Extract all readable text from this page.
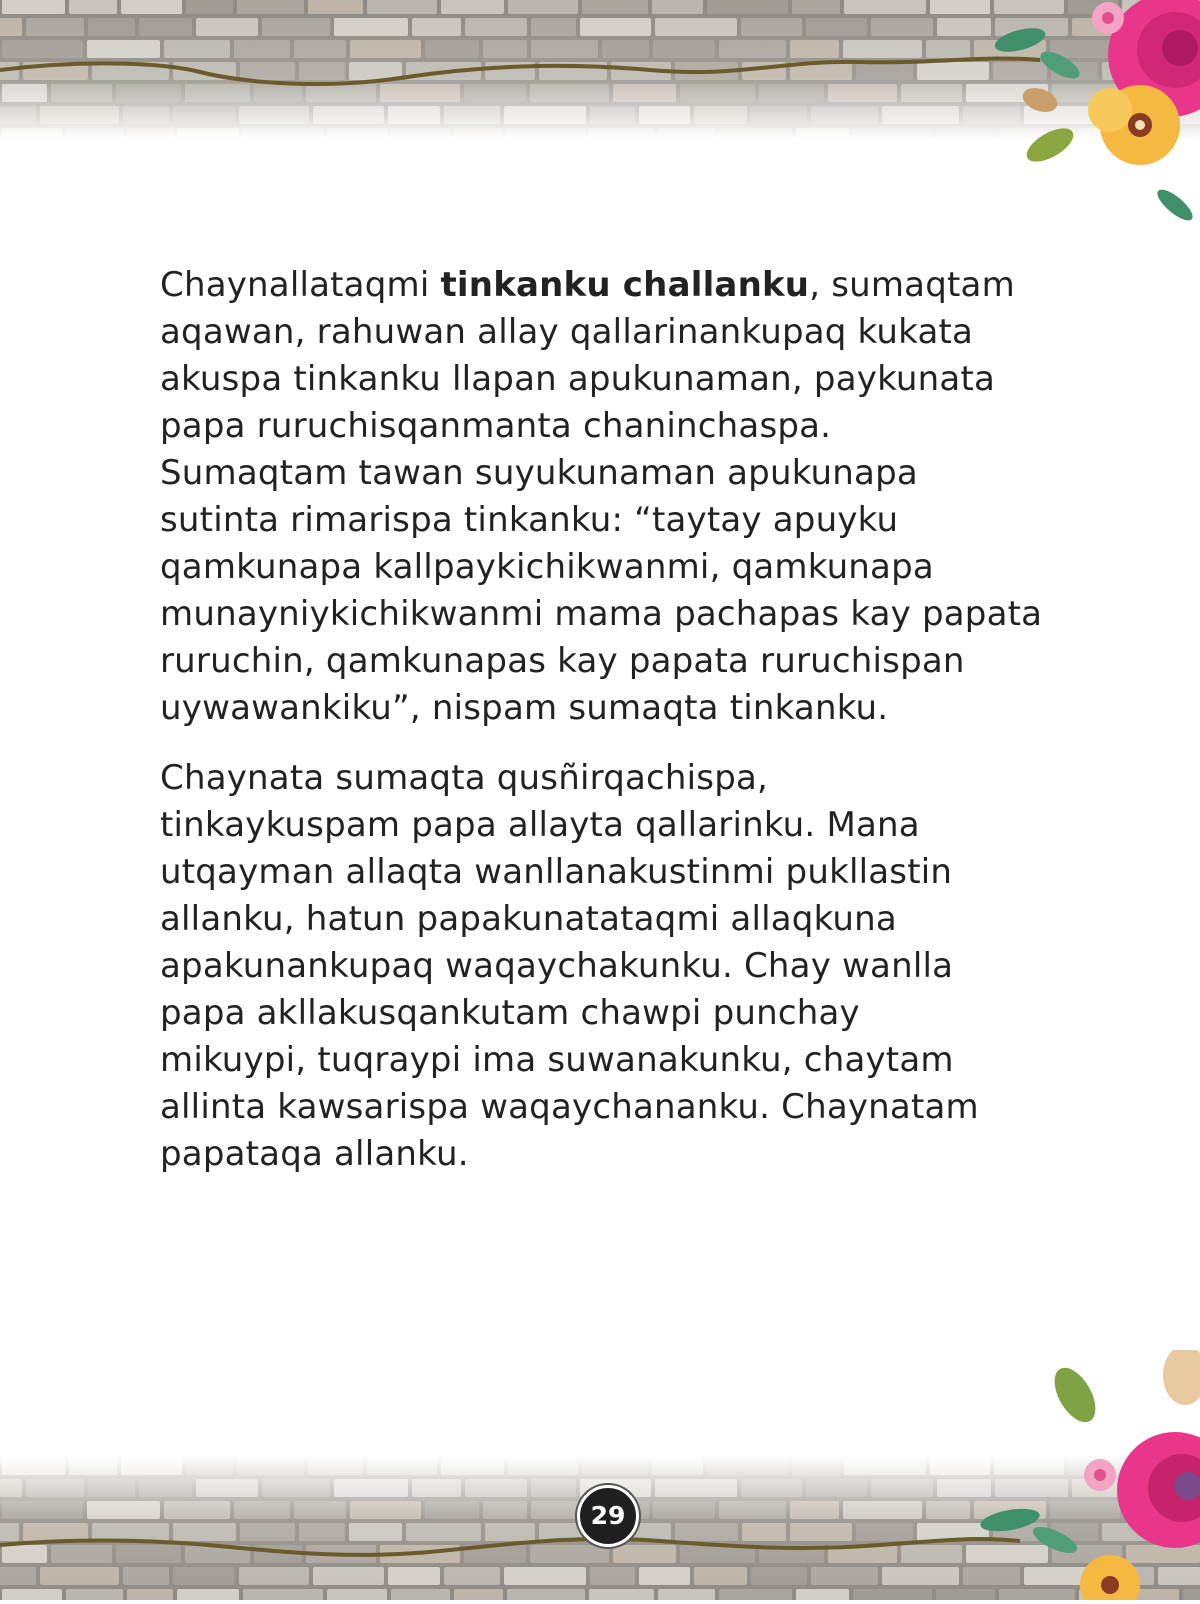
Chaynallataqmi tinkanku challanku, sumaqtam
aqawan, rahuwan allay qallarinankupaq kukata
akuspa tinkanku llapan apukunaman, paykunata
papa ruruchisqanmanta chaninchaspa.
Sumaqtam tawan suyukunaman apukunapa
sutinta rimarispa tinkanku: “taytay apuyku
qamkunapa kallpaykichikwanmi, qamkunapa
munayniykichikwanmi mama pachapas kay papata
ruruchin, qamkunapas kay papata ruruchispan
uywawankiku”, nispam sumaqta tinkanku.

Chaynata sumaqta qusñirqachispa,
tinkaykuspam papa allayta qallarinku. Mana
utqayman allaqta wanllanakustinmi pukllastin
allanku, hatun papakunatataqmi allaqkuna
apakunankupaq waqaychakunku. Chay wanlla
papa akllakusqankutam chawpi punchay
mikuypi, tuqraypi ima suwanakunku, chaytam
allinta kawsarispa waqaychananku. Chaynatam
papataqa allanku.

29
